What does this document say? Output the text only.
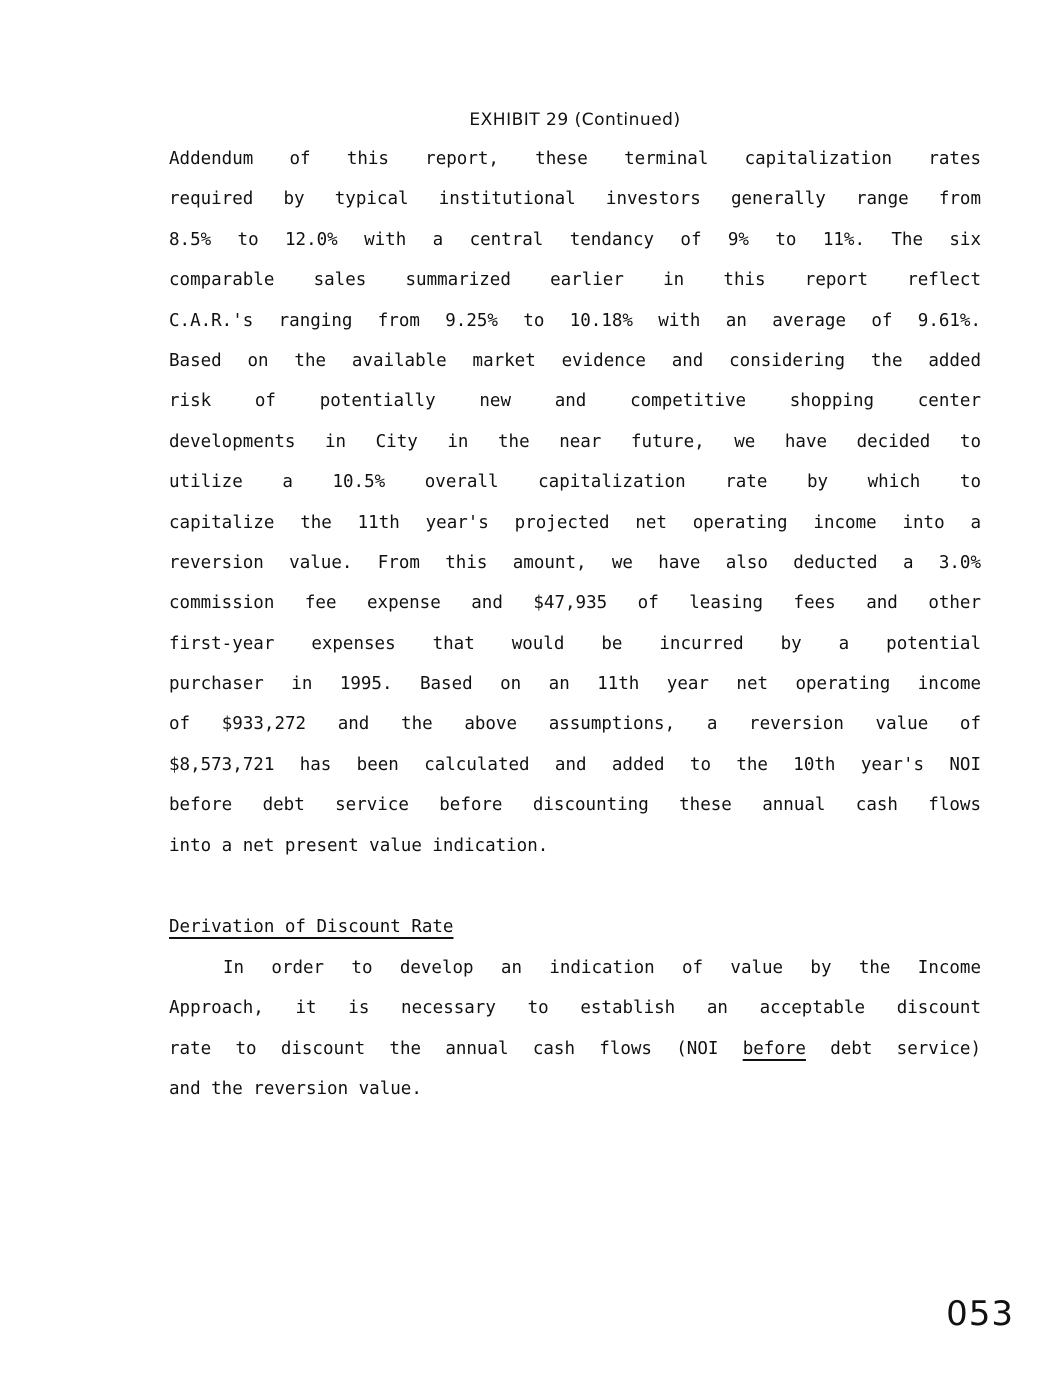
EXHIBIT 29 (Continued)
Addendum of this report, these terminal capitalization rates
required by typical institutional investors generally range from
8.5% to 12.0% with a central tendancy of 9% to 11%. The six
comparable sales summarized earlier in this report reflect
C.A.R.'s ranging from 9.25% to 10.18% with an average of 9.61%.
Based on the available market evidence and considering the added
risk of potentially new and competitive shopping center
developments in City in the near future, we have decided to
utilize a 10.5% overall capitalization rate by which to
capitalize the 11th year's projected net operating income into a
reversion value. From this amount, we have also deducted a 3.0%
commission fee expense and $47,935 of leasing fees and other
first-year expenses that would be incurred by a potential
purchaser in 1995. Based on an 11th year net operating income
of $933,272 and the above assumptions, a reversion value of
$8,573,721 has been calculated and added to the 10th year's NOI
before debt service before discounting these annual cash flows
into a net present value indication.
Derivation of Discount Rate
In order to develop an indication of value by the Income
Approach, it is necessary to establish an acceptable discount
rate to discount the annual cash flows (NOI before debt service)
and the reversion value.
053
